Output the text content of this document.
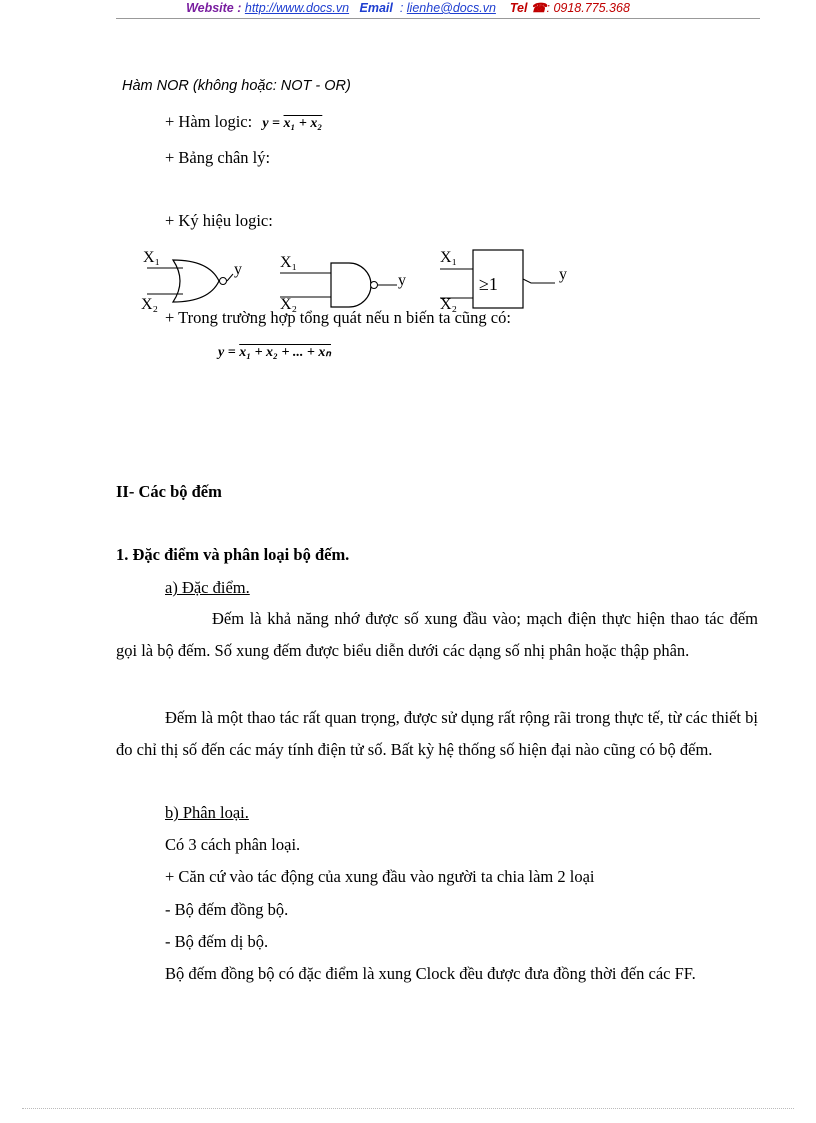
Website : http://www.docs.vn Email  : lienhe@docs.vn Tel ☎: 0918.775.368
Hàm NOR (không hoặc: NOT - OR)
+ Hàm logic: y = x₁ + x₂
+ Bảng chân lý:
+ Ký hiệu logic:
X₁
X₂
y X₁
X₂
y
X₁
X₂
≥1	y
+ Trong trường hợp tổng quát nếu n biến ta cũng có:
y = x₁ + x₂ + ... + xₙ
II- Các bộ đếm
1. Đặc điểm và phân loại bộ đếm.
a) Đặc điểm.
Đếm là khả năng nhớ được số xung đầu vào; mạch điện thực hiện thao tác đếm gọi là bộ đếm. Số xung đếm được biểu diễn dưới các dạng số nhị phân hoặc thập phân.
Đếm là một thao tác rất quan trọng, được sử dụng rất rộng rãi trong thực tế, từ các thiết bị đo chỉ thị số đến các máy tính điện tử số. Bất kỳ hệ thống số hiện đại nào cũng có bộ đếm.
b) Phân loại.
Có 3 cách phân loại.
+ Căn cứ vào tác động của xung đầu vào người ta chia làm 2 loại
- Bộ đếm đồng bộ.
- Bộ đếm dị bộ.
Bộ đếm đồng bộ có đặc điểm là xung Clock đều được đưa đồng thời đến các FF.
